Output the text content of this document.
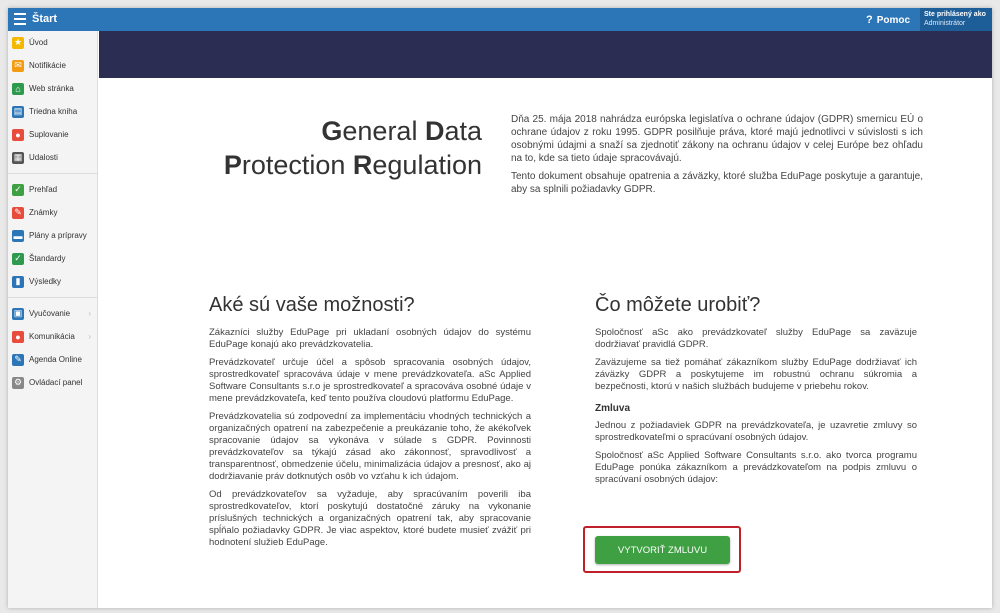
Štart	? Pomoc
Ste prihlásený ako
Administrátor
★ Úvod
✉ Notifikácie
⌂	Web stránka
▤ Triedna kniha
●	Suplovanie
▦ Udalosti
✓ Prehľad
✎ Známky
▬ Plány a prípravy
✓ Štandardy
▮	Výsledky
▣ Vyučovanie ›
●	Komunikácia ›
✎ Agenda Online
⚙ Ovládací panel
General Data
Protection Regulation

Dňa 25. mája 2018 nahrádza európska legislatíva o ochrane údajov (GDPR) smernicu EÚ o ochrane údajov z roku 1995. GDPR posilňuje práva, ktoré majú jednotlivci v súvislosti s ich osobnými údajmi a snaží sa zjednotiť zákony na ochranu údajov v celej Európe bez ohľadu na to, kde sa tieto údaje spracovávajú.

Tento dokument obsahuje opatrenia a záväzky, ktoré služba EduPage poskytuje a garantuje, aby sa splnili požiadavky GDPR.

Aké sú vaše možnosti?

Zákazníci služby EduPage pri ukladaní osobných údajov do systému EduPage konajú ako prevádzkovatelia.

Prevádzkovateľ určuje účel a spôsob spracovania osobných údajov, sprostredkovateľ spracováva údaje v mene prevádzkovateľa. aSc Applied Software Consultants s.r.o je sprostredkovateľ a spracováva osobné údaje v mene prevádzkovateľa, keď tento používa cloudovú platformu EduPage.

Prevádzkovatelia sú zodpovední za implementáciu vhodných technických a organizačných opatrení na zabezpečenie a preukázanie toho, že akékoľvek spracovanie údajov sa vykonáva v súlade s GDPR. Povinnosti prevádzkovateľov sa týkajú zásad ako zákonnosť, spravodlivosť a transparentnosť, obmedzenie účelu, minimalizácia údajov a presnosť, ako aj dodržiavanie práv dotknutých osôb vo vzťahu k ich údajom.

Od prevádzkovateľov sa vyžaduje, aby spracúvaním poverili iba sprostredkovateľov, ktorí poskytujú dostatočné záruky na vykonanie príslušných technických a organizačných opatrení tak, aby spracovanie spĺňalo požiadavky GDPR. Je viac aspektov, ktoré budete musieť zvážiť pri hodnotení služieb EduPage.

Čo môžete urobiť?

Spoločnosť aSc ako prevádzkovateľ služby EduPage sa zaväzuje dodržiavať pravidlá GDPR.

Zaväzujeme sa tiež pomáhať zákazníkom služby EduPage dodržiavať ich záväzky GDPR a poskytujeme im robustnú ochranu súkromia a bezpečnosti, ktorú v našich službách budujeme v priebehu rokov.

Zmluva

Jednou z požiadaviek GDPR na prevádzkovateľa, je uzavretie zmluvy so sprostredkovateľmi o spracúvaní osobných údajov.

Spoločnosť aSc Applied Software Consultants s.r.o. ako tvorca programu EduPage ponúka zákazníkom a prevádzkovateľom na podpis zmluvu o spracúvaní osobných údajov:

VYTVORIŤ ZMLUVU
